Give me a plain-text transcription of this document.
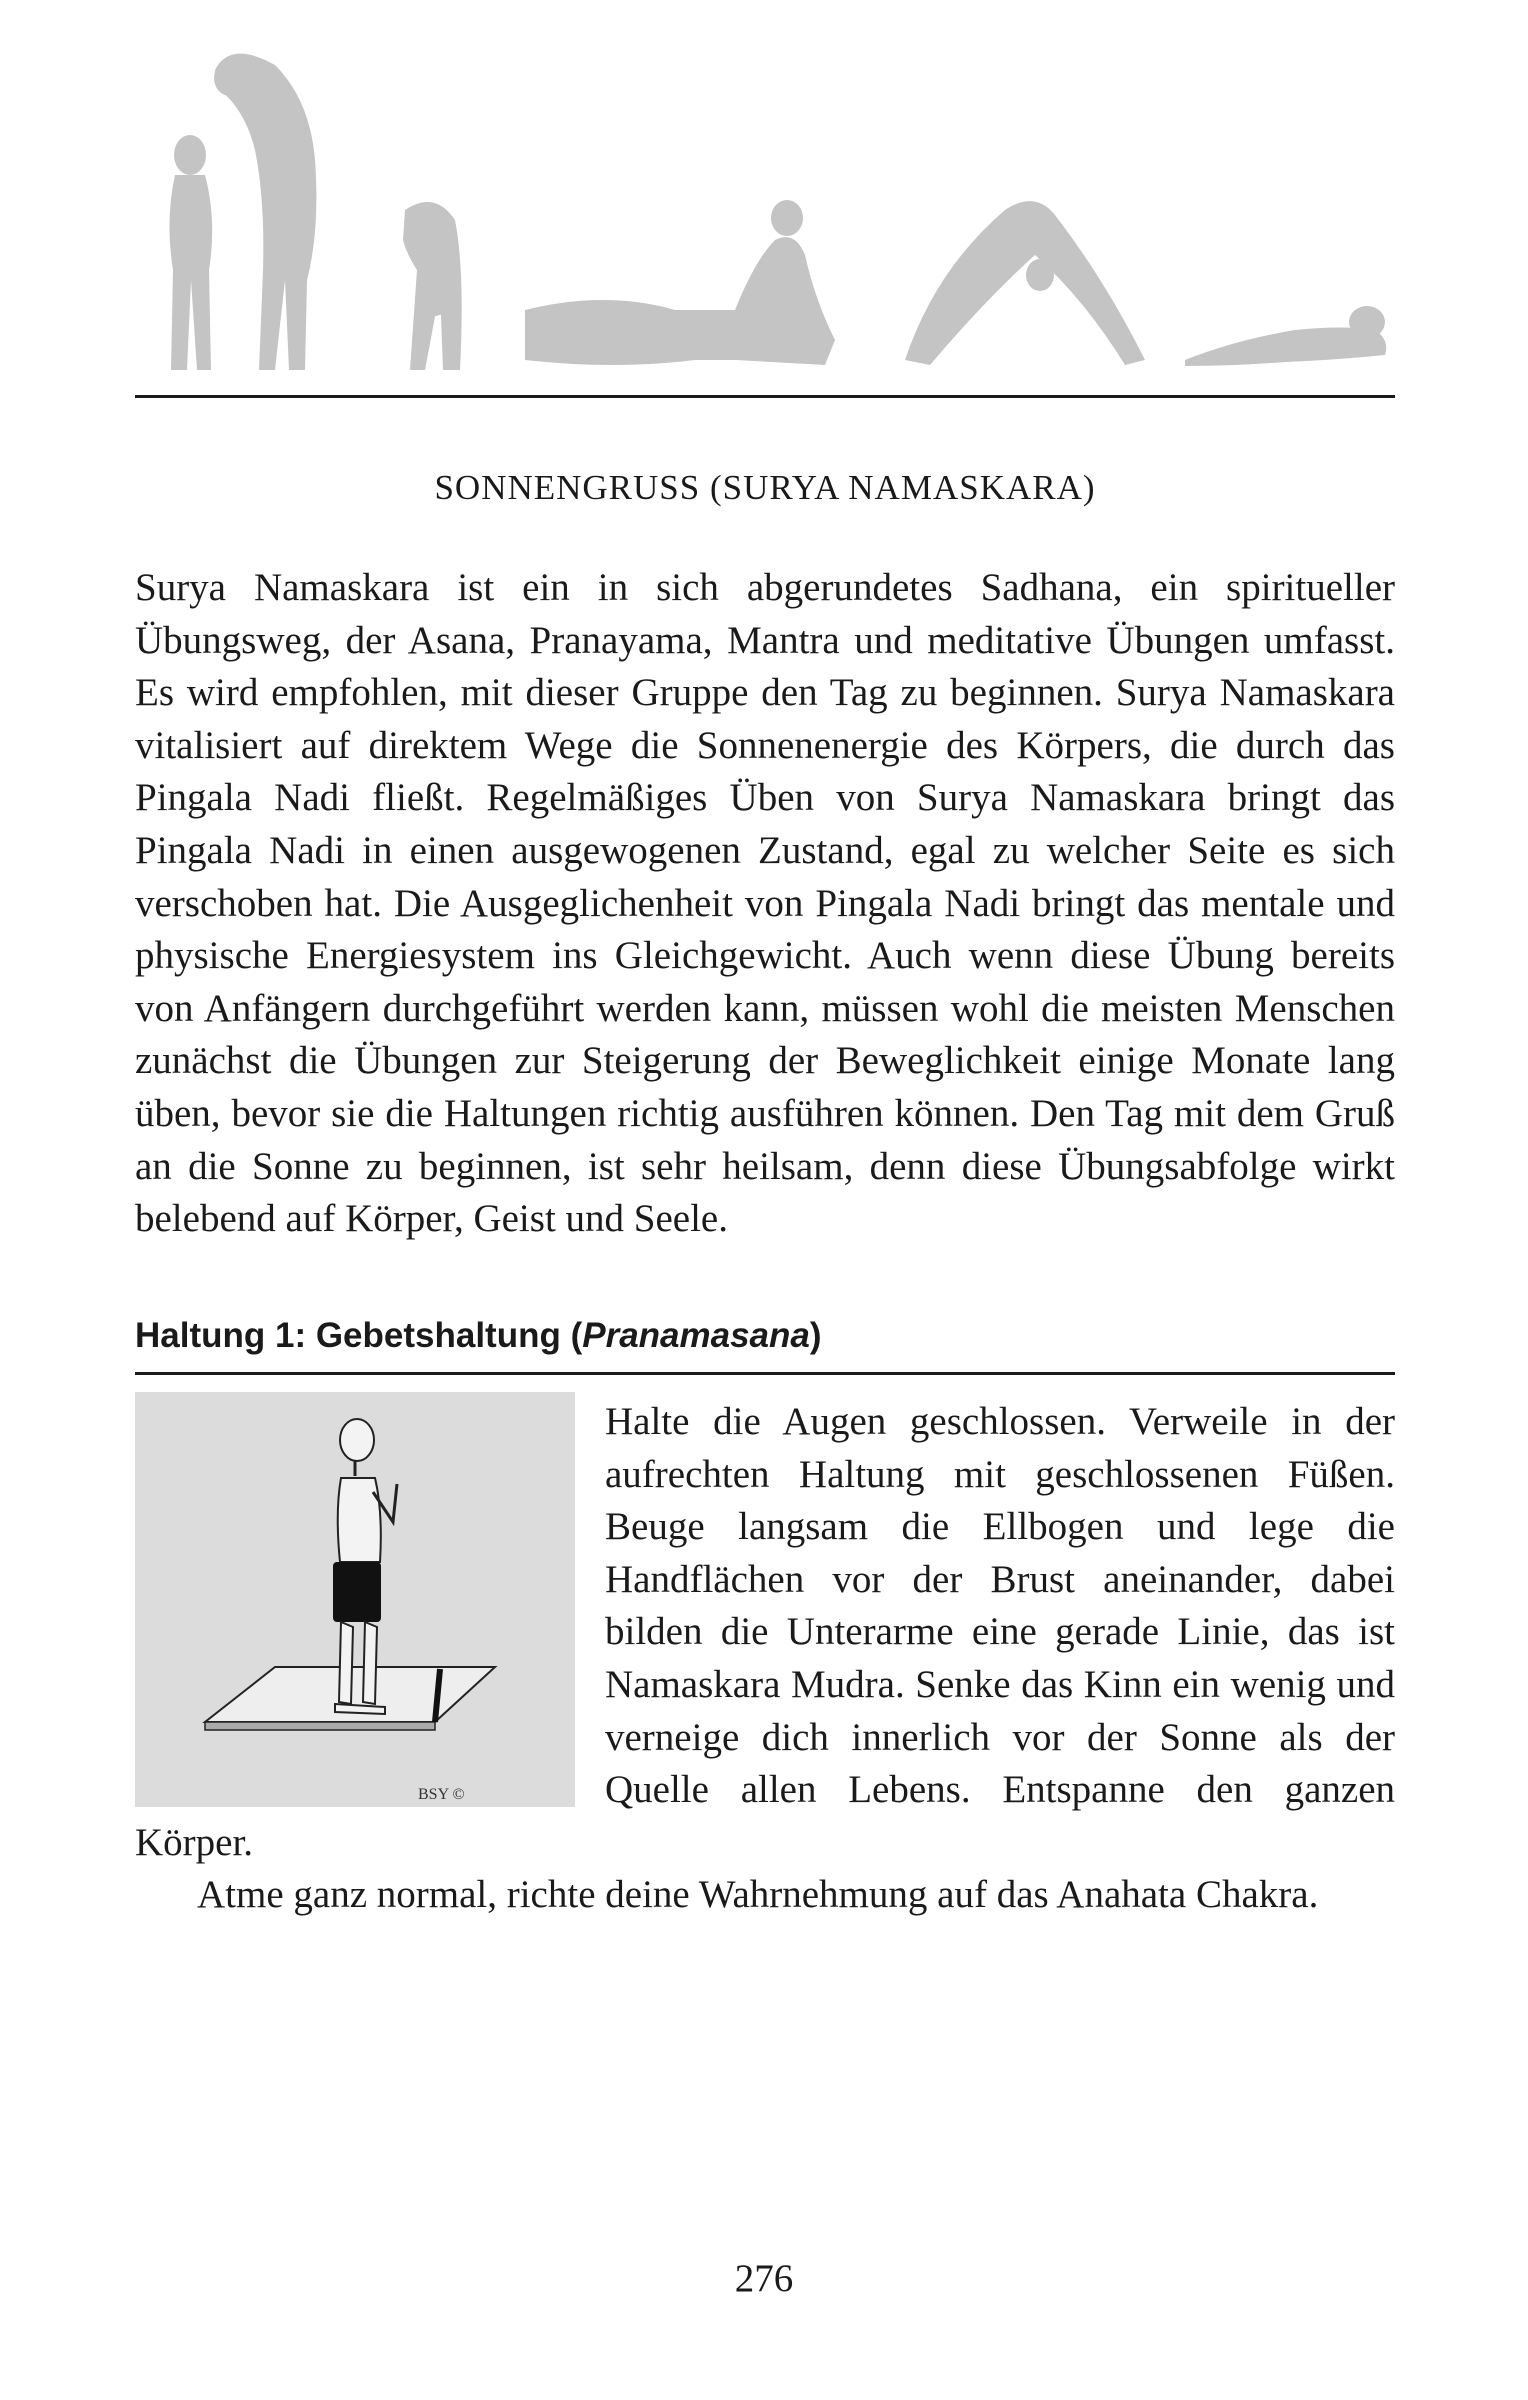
SONNENGRUSS (SURYA NAMASKARA)

Surya Namaskara ist ein in sich abgerundetes Sadhana, ein spiritueller Übungsweg, der Asana, Pranayama, Mantra und meditative Übungen umfasst. Es wird empfohlen, mit dieser Gruppe den Tag zu beginnen. Surya Namaskara vitalisiert auf direktem Wege die Sonnenenergie des Körpers, die durch das Pingala Nadi fließt. Regelmäßiges Üben von Surya Namaskara bringt das Pingala Nadi in einen ausgewogenen Zustand, egal zu welcher Seite es sich verschoben hat. Die Ausgeglichenheit von Pingala Nadi bringt das mentale und physische Energiesystem ins Gleichgewicht. Auch wenn diese Übung bereits von Anfängern durchgeführt werden kann, müssen wohl die meisten Menschen zunächst die Übungen zur Steigerung der Beweglichkeit einige Monate lang üben, bevor sie die Haltungen richtig ausführen können. Den Tag mit dem Gruß an die Sonne zu beginnen, ist sehr heilsam, denn diese Übungsabfolge wirkt belebend auf Körper, Geist und Seele.

Haltung 1: Gebetshaltung (Pranamasana)
BSY ©

Halte die Augen geschlossen. Verweile in der aufrechten Haltung mit geschlossenen Füßen. Beuge langsam die Ellbogen und lege die Handflächen vor der Brust aneinander, dabei bilden die Unterarme eine gerade Linie, das ist Namaskara Mudra. Senke das Kinn ein wenig und verneige dich innerlich vor der Sonne als der Quelle allen Lebens. Entspanne den ganzen Körper.

Atme ganz normal, richte deine Wahrnehmung auf das Anahata Chakra.

276
